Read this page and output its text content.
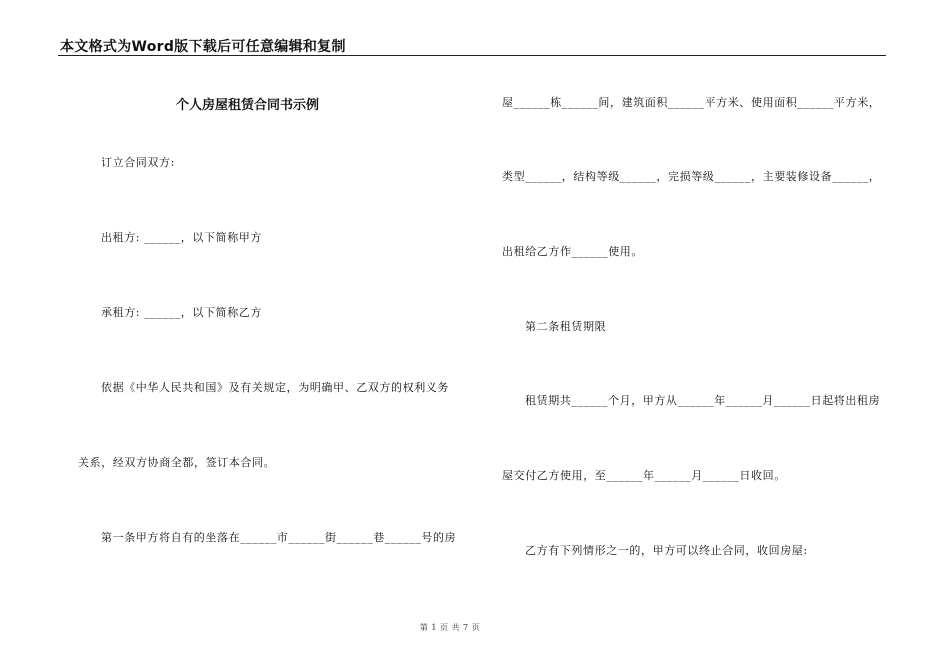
本文格式为Word版下载后可任意编辑和复制
个人房屋租赁合同书示例
订立合同双方:
出租方: ______，以下简称甲方
承租方: ______，以下简称乙方
依据《中华人民共和国》及有关规定，为明确甲、乙双方的权利义务
关系，经双方协商全都，签订本合同。
第一条甲方将自有的坐落在______市______街______巷______号的房
屋______栋______间，建筑面积______平方米、使用面积______平方米，
类型______，结构等级______，完损等级______，主要装修设备______，
出租给乙方作______使用。
第二条租赁期限
租赁期共______个月，甲方从______年______月______日起将出租房
屋交付乙方使用，至______年______月______日收回。
乙方有下列情形之一的，甲方可以终止合同，收回房屋:
第 1 页 共 7 页
